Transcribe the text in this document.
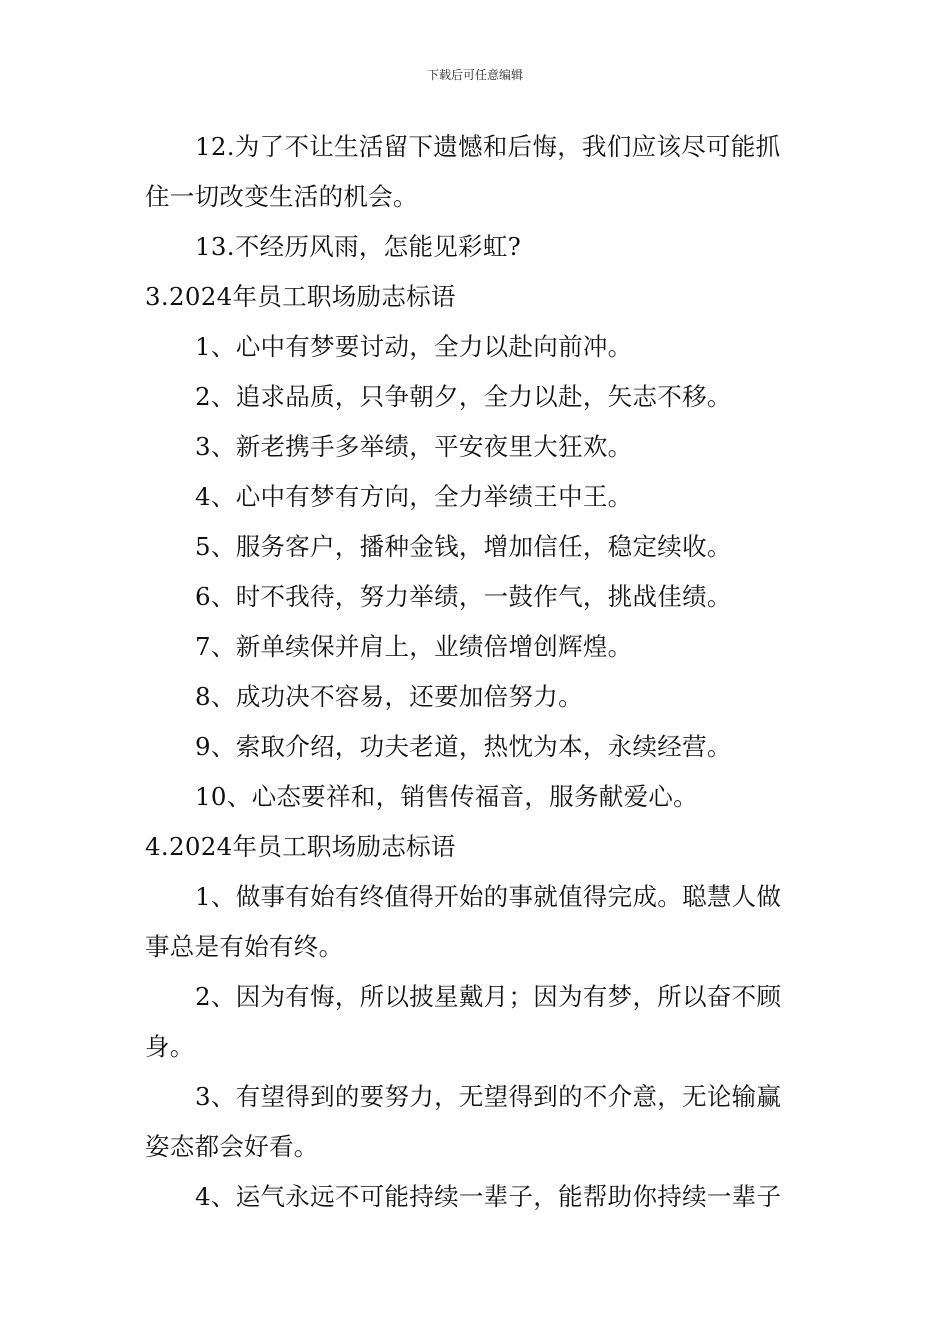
下载后可任意编辑
12.为了不让生活留下遗憾和后悔，我们应该尽可能抓
住一切改变生活的机会。
13.不经历风雨，怎能见彩虹?
3.2024年员工职场励志标语
1、心中有梦要讨动，全力以赴向前冲。
2、追求品质，只争朝夕，全力以赴，矢志不移。
3、新老携手多举绩，平安夜里大狂欢。
4、心中有梦有方向，全力举绩王中王。
5、服务客户，播种金钱，增加信任，稳定续收。
6、时不我待，努力举绩，一鼓作气，挑战佳绩。
7、新单续保并肩上，业绩倍增创辉煌。
8、成功决不容易，还要加倍努力。
9、索取介绍，功夫老道，热忱为本，永续经营。
10、心态要祥和，销售传福音，服务献爱心。
4.2024年员工职场励志标语
1、做事有始有终值得开始的事就值得完成。聪慧人做
事总是有始有终。
2、因为有悔，所以披星戴月；因为有梦，所以奋不顾
身。
3、有望得到的要努力，无望得到的不介意，无论输赢
姿态都会好看。
4、运气永远不可能持续一辈子，能帮助你持续一辈子
